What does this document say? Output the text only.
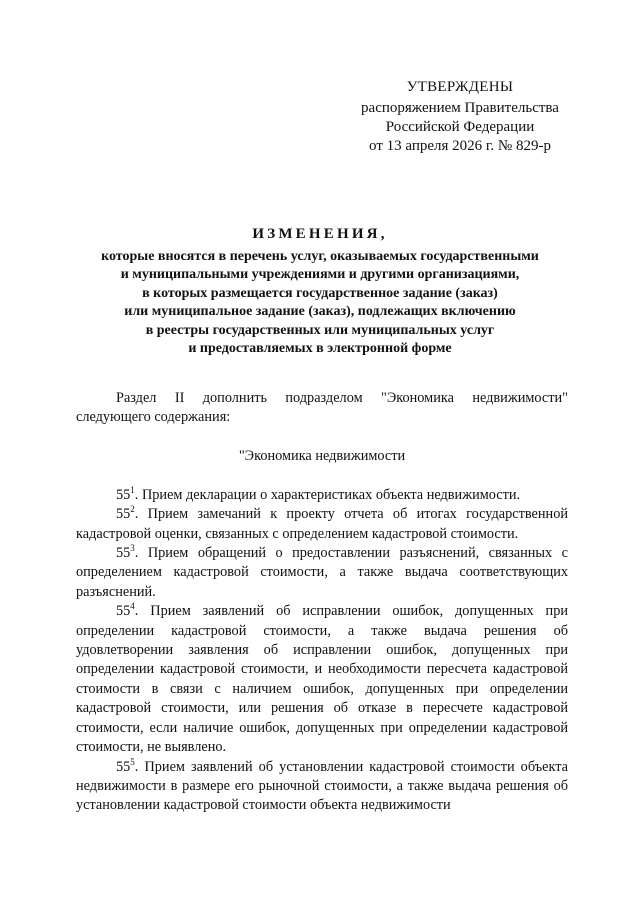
УТВЕРЖДЕНЫ
распоряжением Правительства
Российской Федерации
от 13 апреля 2026 г. № 829-р
ИЗМЕНЕНИЯ,
которые вносятся в перечень услуг, оказываемых государственными
и муниципальными учреждениями и другими организациями,
в которых размещается государственное задание (заказ)
или муниципальное задание (заказ), подлежащих включению
в реестры государственных или муниципальных услуг
и предоставляемых в электронной форме

Раздел II дополнить подразделом "Экономика недвижимости" следующего содержания:

"Экономика недвижимости

$55^1$. Прием декларации о характеристиках объекта недвижимости.

$55^2$. Прием замечаний к проекту отчета об итогах государственной кадастровой оценки, связанных с определением кадастровой стоимости.

$55^3$. Прием обращений о предоставлении разъяснений, связанных с определением кадастровой стоимости, а также выдача соответствующих разъяснений.

$55^4$. Прием заявлений об исправлении ошибок, допущенных при определении кадастровой стоимости, а также выдача решения об удовлетворении заявления об исправлении ошибок, допущенных при определении кадастровой стоимости, и необходимости пересчета кадастровой стоимости в связи с наличием ошибок, допущенных при определении кадастровой стоимости, или решения об отказе в пересчете кадастровой стоимости, если наличие ошибок, допущенных при определении кадастровой стоимости, не выявлено.

$55^5$. Прием заявлений об установлении кадастровой стоимости объекта недвижимости в размере его рыночной стоимости, а также выдача решения об установлении кадастровой стоимости объекта недвижимости
